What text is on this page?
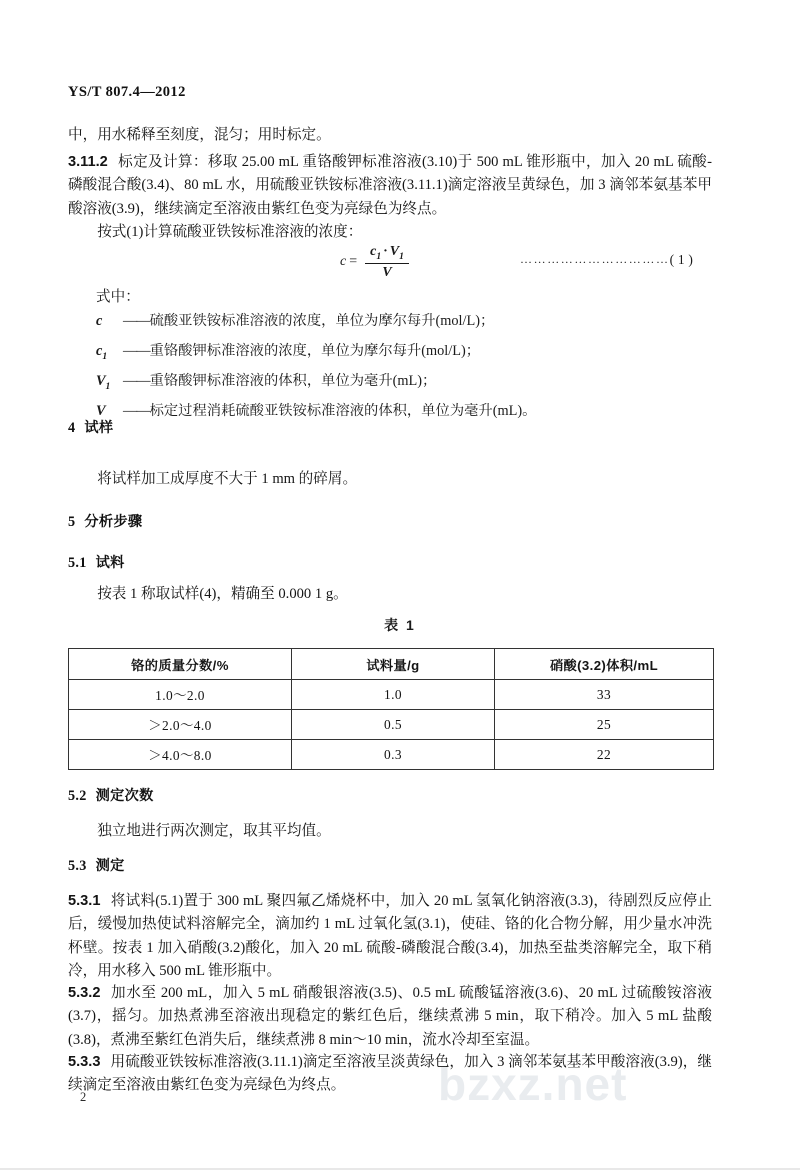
bzxz.net
YS/T 807.4—2012
中，用水稀释至刻度，混匀；用时标定。
3.11.2 标定及计算：移取 25.00 mL 重铬酸钾标准溶液(3.10)于 500 mL 锥形瓶中，加入 20 mL 硫酸-磷酸混合酸(3.4)、80 mL 水，用硫酸亚铁铵标准溶液(3.11.1)滴定溶液呈黄绿色，加 3 滴邻苯氨基苯甲酸溶液(3.9)，继续滴定至溶液由紫红色变为亮绿色为终点。
按式(1)计算硫酸亚铁铵标准溶液的浓度：
$c = \frac{c_1 \cdot V_1}{V}$	……………………………( 1 )
式中：
c ——硫酸亚铁铵标准溶液的浓度，单位为摩尔每升(mol/L)；
$c_1$ ——重铬酸钾标准溶液的浓度，单位为摩尔每升(mol/L)；
$V_1$ ——重铬酸钾标准溶液的体积，单位为毫升(mL)；
V ——标定过程消耗硫酸亚铁铵标准溶液的体积，单位为毫升(mL)。
4 试样
将试样加工成厚度不大于 1 mm 的碎屑。
5 分析步骤
5.1 试料
按表 1 称取试样(4)，精确至 0.000 1 g。
表 1
铬的质量分数/%	试料量/g	硝酸(3.2)体积/mL
1.0～2.0	1.0	33
＞2.0～4.0	0.5	25
＞4.0～8.0	0.3	22
5.2 测定次数
独立地进行两次测定，取其平均值。
5.3 测定
5.3.1 将试料(5.1)置于 300 mL 聚四氟乙烯烧杯中，加入 20 mL 氢氧化钠溶液(3.3)，待剧烈反应停止后，缓慢加热使试料溶解完全，滴加约 1 mL 过氧化氢(3.1)，使硅、铬的化合物分解，用少量水冲洗杯壁。按表 1 加入硝酸(3.2)酸化，加入 20 mL 硫酸-磷酸混合酸(3.4)，加热至盐类溶解完全，取下稍冷，用水移入 500 mL 锥形瓶中。
5.3.2 加水至 200 mL，加入 5 mL 硝酸银溶液(3.5)、0.5 mL 硫酸锰溶液(3.6)、20 mL 过硫酸铵溶液(3.7)，摇匀。加热煮沸至溶液出现稳定的紫红色后，继续煮沸 5 min，取下稍冷。加入 5 mL 盐酸(3.8)，煮沸至紫红色消失后，继续煮沸 8 min～10 min，流水冷却至室温。
5.3.3 用硫酸亚铁铵标准溶液(3.11.1)滴定至溶液呈淡黄绿色，加入 3 滴邻苯氨基苯甲酸溶液(3.9)，继续滴定至溶液由紫红色变为亮绿色为终点。
2
